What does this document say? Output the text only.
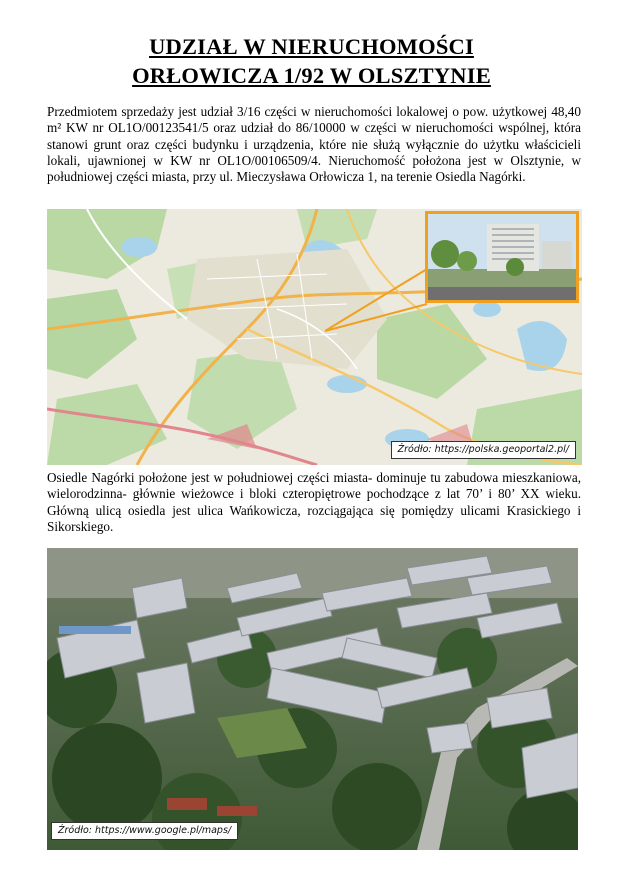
UDZIAŁ W NIERUCHOMOŚCI
ORŁOWICZA 1/92 W OLSZTYNIE
Przedmiotem sprzedaży jest udział 3/16 części w nieruchomości lokalowej o pow. użytkowej 48,40 m² KW nr OL1O/00123541/5 oraz udział do 86/10000 w części w nieruchomości wspólnej, która stanowi grunt oraz części budynku i urządzenia, które nie służą wyłącznie do użytku właścicieli lokali, ujawnionej w KW nr OL1O/00106509/4. Nieruchomość położona jest w Olsztynie, w południowej części miasta, przy ul. Mieczysława Orłowicza 1, na terenie Osiedla Nagórki.
Źródło: https://polska.geoportal2.pl/
Osiedle Nagórki położone jest w południowej części miasta- dominuje tu zabudowa mieszkaniowa, wielorodzinna- głównie wieżowce i bloki czteropiętrowe pochodzące z lat 70’ i 80’ XX wieku. Główną ulicą osiedla jest ulica Wańkowicza, rozciągająca się pomiędzy ulicami Krasickiego i Sikorskiego.
Źródło: https://www.google.pl/maps/
